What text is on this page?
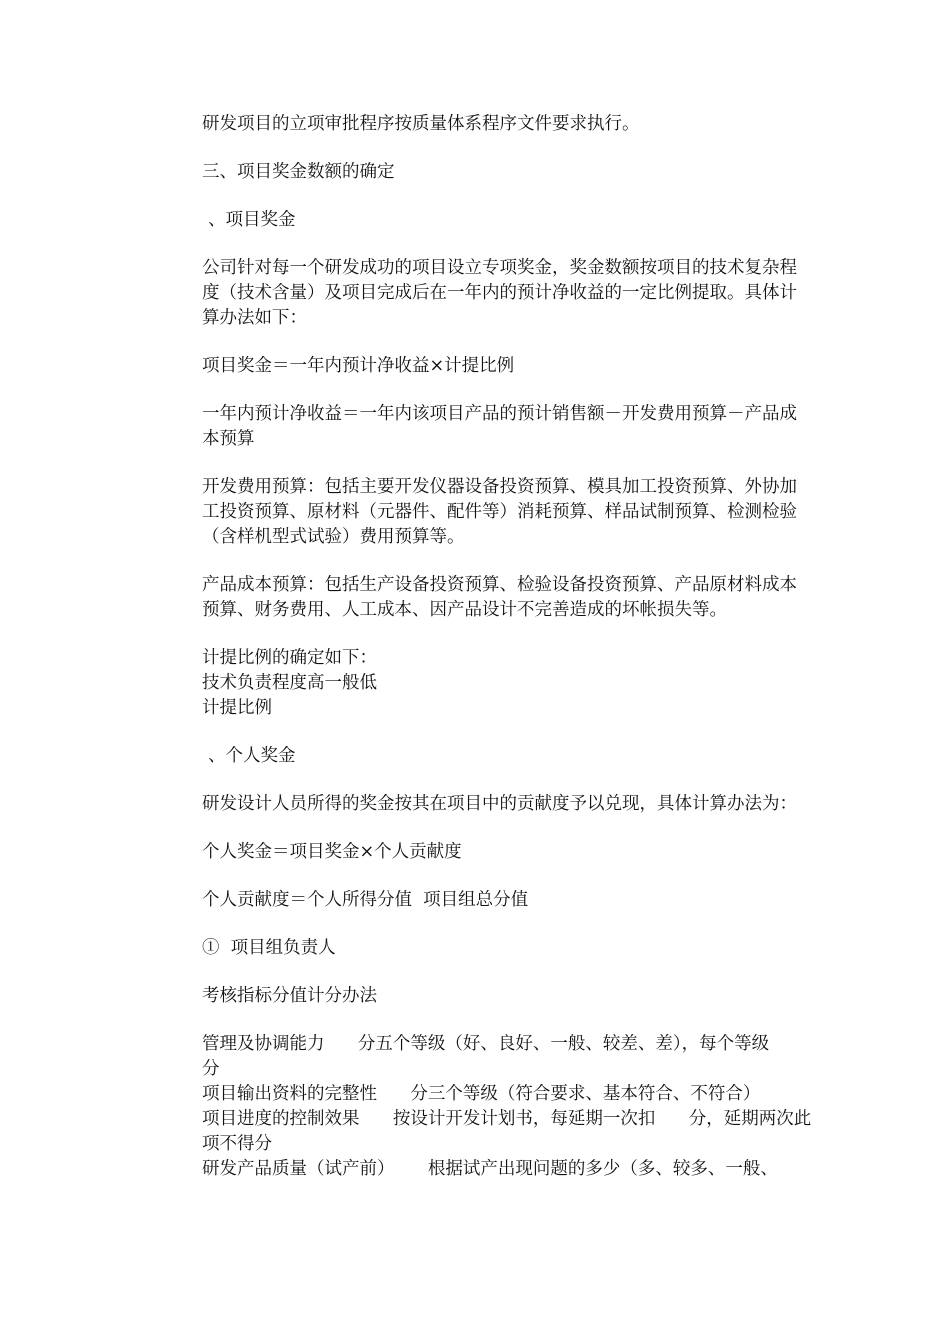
研发项目的立项审批程序按质量体系程序文件要求执行。

三、项目奖金数额的确定

、项目奖金

公司针对每一个研发成功的项目设立专项奖金，奖金数额按项目的技术复杂程度（技术含量）及项目完成后在一年内的预计净收益的一定比例提取。具体计算办法如下：

项目奖金＝一年内预计净收益×计提比例

一年内预计净收益＝一年内该项目产品的预计销售额－开发费用预算－产品成本预算

开发费用预算：包括主要开发仪器设备投资预算、模具加工投资预算、外协加工投资预算、原材料（元器件、配件等）消耗预算、样品试制预算、检测检验（含样机型式试验）费用预算等。

产品成本预算：包括生产设备投资预算、检验设备投资预算、产品原材料成本预算、财务费用、人工成本、因产品设计不完善造成的坏帐损失等。

计提比例的确定如下：

技术负责程度高一般低

计提比例

、个人奖金

研发设计人员所得的奖金按其在项目中的贡献度予以兑现，具体计算办法为：

个人奖金＝项目奖金×个人贡献度

个人贡献度＝个人所得分值  项目组总分值

①  项目组负责人

考核指标分值计分办法

管理及协调能力      分五个等级（好、良好、一般、较差、差），每个等级      分

项目输出资料的完整性      分三个等级（符合要求、基本符合、不符合）

项目进度的控制效果      按设计开发计划书，每延期一次扣      分，延期两次此项不得分

研发产品质量（试产前）      根据试产出现问题的多少（多、较多、一般、
